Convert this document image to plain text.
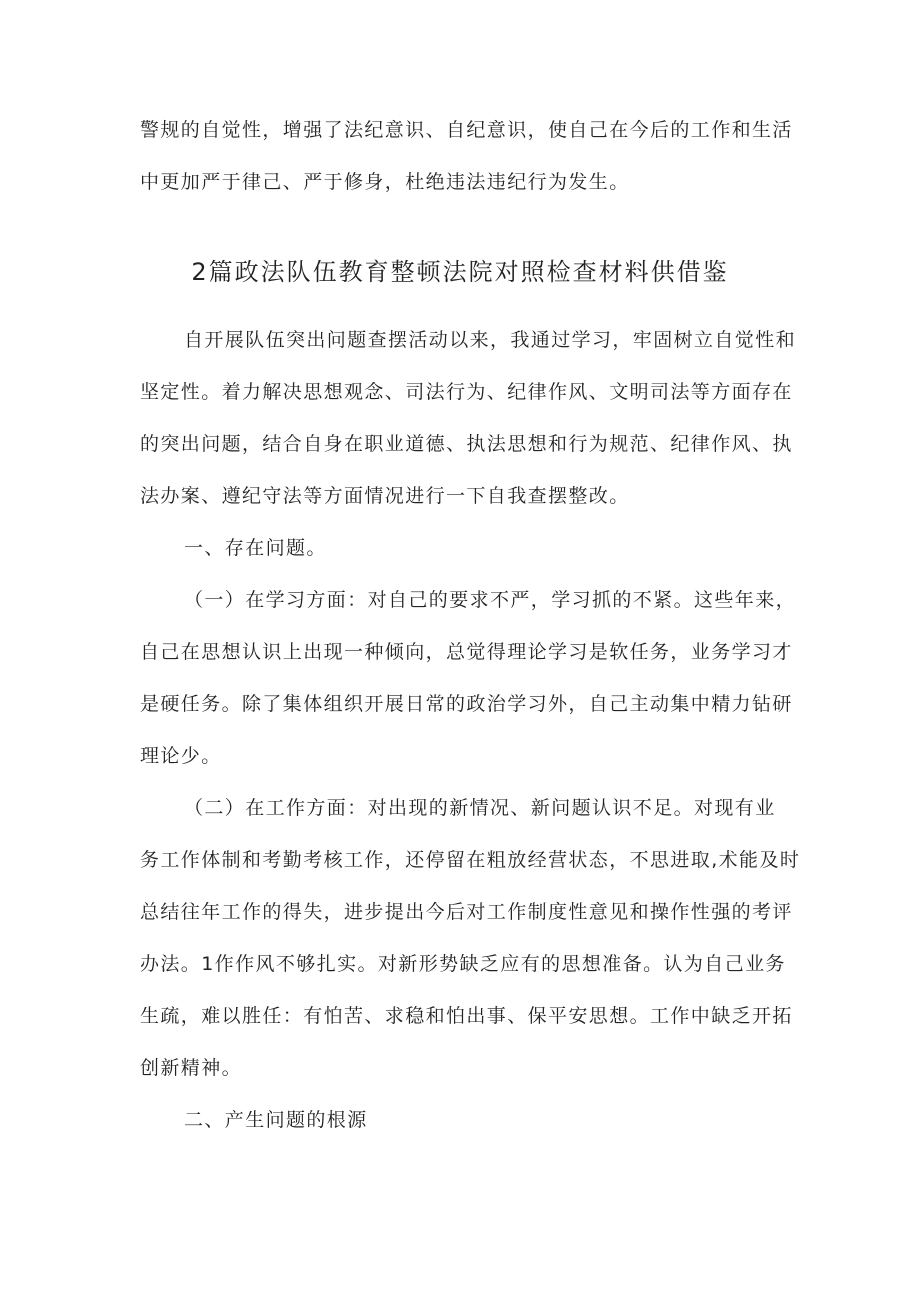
警规的自觉性，增强了法纪意识、自纪意识，使自己在今后的工作和生活
中更加严于律己、严于修身，杜绝违法违纪行为发生。
2篇政法队伍教育整顿法院对照检查材料供借鉴
自开展队伍突出问题查摆活动以来，我通过学习，牢固树立自觉性和
坚定性。着力解决思想观念、司法行为、纪律作风、文明司法等方面存在
的突出问题，结合自身在职业道德、执法思想和行为规范、纪律作风、执
法办案、遵纪守法等方面情况进行一下自我查摆整改。
一、存在问题。
（一）在学习方面：对自己的要求不严，学习抓的不紧。这些年来，
自己在思想认识上出现一种倾向，总觉得理论学习是软任务，业务学习才
是硬任务。除了集体组织开展日常的政治学习外，自己主动集中精力钻研
理论少。
（二）在工作方面：对出现的新情况、新问题认识不足。对现有业
务工作体制和考勤考核工作，还停留在粗放经营状态，不思进取,术能及时
总结往年工作的得失，进步提出今后对工作制度性意见和操作性强的考评
办法。1作作风不够扎实。对新形势缺乏应有的思想准备。认为自己业务
生疏，难以胜任：有怕苦、求稳和怕出事、保平安思想。工作中缺乏开拓
创新精神。
二、产生问题的根源
